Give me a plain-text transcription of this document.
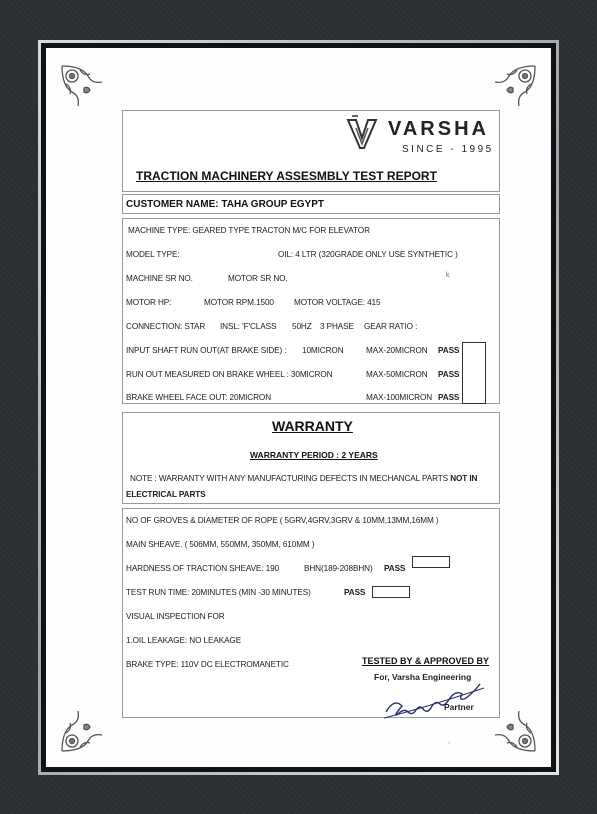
VARSHA
SINCE - 1995
TRACTION MACHINERY ASSESMBLY TEST REPORT
CUSTOMER NAME: TAHA GROUP EGYPT
MACHINE TYPE: GEARED TYPE TRACTON M/C FOR ELEVATOR
MODEL TYPE:	OIL: 4 LTR (320GRADE ONLY USE SYNTHETIC )
MACHINE SR NO.	MOTOR SR NO.	k
MOTOR HP:	MOTOR RPM.1500 MOTOR VOLTAGE: 415
CONNECTION: STAR INSL: 'F'CLASS 50HZ 3 PHASE GEAR RATIO :
INPUT SHAFT RUN OUT(AT BRAKE SIDE) : 10MICRON	MAX-20MICRON PASS
RUN OUT MEASURED ON BRAKE WHEEL : 30MICRON	MAX-50MICRON PASS
BRAKE WHEEL FACE OUT: 20MICRON	MAX-100MICRON PASS
WARRANTY
WARRANTY PERIOD : 2 YEARS
NOTE : WARRANTY WITH ANY MANUFACTURING DEFECTS IN MECHANCAL PARTS NOT IN
ELECTRICAL PARTS
NO OF GROVES & DIAMETER OF ROPE ( 5GRV,4GRV,3GRV & 10MM,13MM,16MM )
MAIN SHEAVE. ( 506MM, 550MM, 350MM, 610MM )
HARDNESS OF TRACTION SHEAVE: 190	BHN(189-208BHN) PASS
TEST RUN TIME: 20MINUTES (MIN -30 MINUTES)	PASS
VISUAL INSPECTION FOR
1.OIL LEAKAGE: NO LEAKAGE
BRAKE TYPE: 110V DC ELECTROMANETIC	TESTED BY & APPROVED BY
For, Varsha Engineering
Partner
,
